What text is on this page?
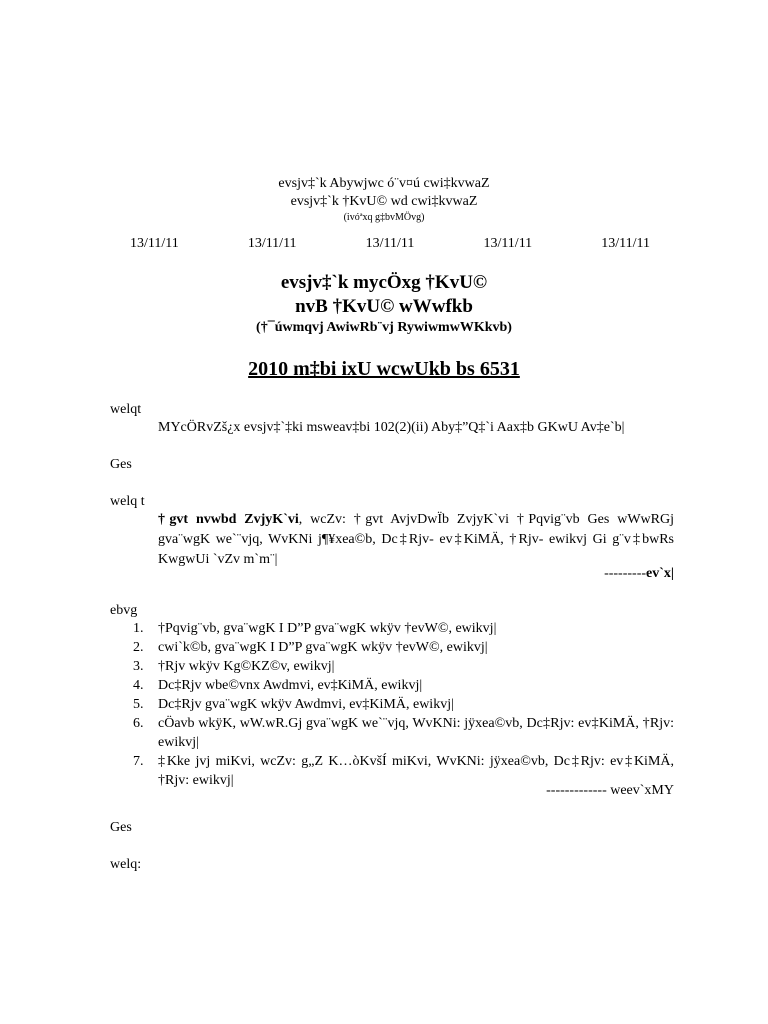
evsjv‡`k Abywjwc ó¨v¤ú cwi‡kvwaZ
evsjv‡`k †KvU© wd cwi‡kvwaZ
(ivóªxq g‡bvMÖvg)
13/11/11	13/11/11	13/11/11	13/11/11	13/11/11
evsjv‡`k mycÖxg †KvU©
nvB †KvU© wWwfkb
(†¯úwmqvj AwiwRb¨vj RywiwmwWKkvb)
2010 m‡bi ixU wcwUkb bs 6531
welqt
MYcÖRvZš¿x evsjv‡`‡ki msweav‡bi 102(2)(ii) Aby‡”Q‡`i Aax‡b GKwU Av‡e`b|
Ges
welq t
†gvt nvwbd ZvjyK`vi, wcZv: †gvt AvjvDwÏb ZvjyK`vi †Pqvig¨vb Ges wWwRGj gva¨wgK we`¨vjq, WvKNi j¶¥xea©b, Dc‡Rjv- ev‡KiMÄ, †Rjv- ewikvj Gi g¨v‡bwRs KwgwUi `vZv m`m¨|
---------ev`x|
ebvg
1. †Pqvig¨vb, gva¨wgK I D”P gva¨wgK wkÿv †evW©, ewikvj|
2. cwi`k©b, gva¨wgK I D”P gva¨wgK wkÿv †evW©, ewikvj|
3. †Rjv wkÿv Kg©KZ©v, ewikvj|
4. Dc‡Rjv wbe©vnx Awdmvi, ev‡KiMÄ, ewikvj|
5. Dc‡Rjv gva¨wgK wkÿv Awdmvi, ev‡KiMÄ, ewikvj|
6. cÖavb wkÿK, wW.wR.Gj gva¨wgK we`¨vjq, WvKNi: jÿxea©vb, Dc‡Rjv: ev‡KiMÄ, †Rjv: ewikvj|
7. ‡Kke jvj miKvi, wcZv: g„Z K…òKvšÍ miKvi, WvKNi: jÿxea©vb, Dc‡Rjv: ev‡KiMÄ, †Rjv: ewikvj|
------------- weev`xMY
Ges
welq:
